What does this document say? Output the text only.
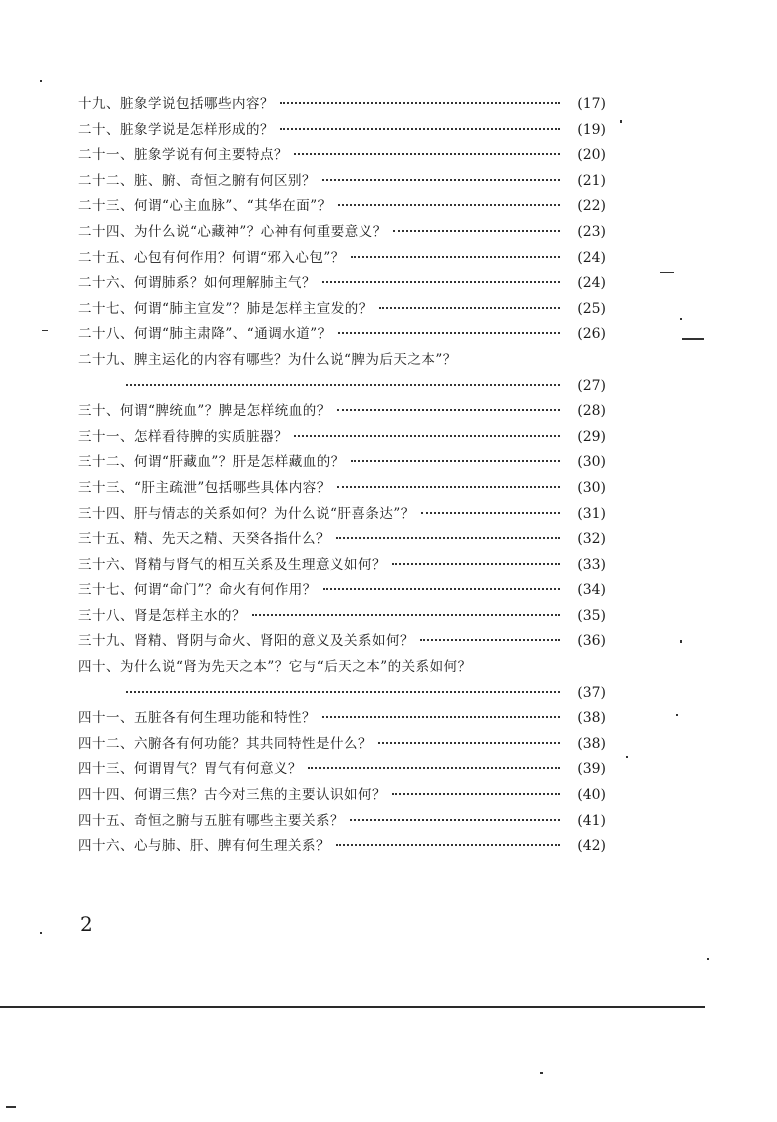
十九、脏象学说包括哪些内容？	(17)
二十、脏象学说是怎样形成的？	(19)
二十一、脏象学说有何主要特点？	(20)
二十二、脏、腑、奇恒之腑有何区别？	(21)
二十三、何谓“心主血脉”、“其华在面”？	(22)
二十四、为什么说“心藏神”？心神有何重要意义？	(23)
二十五、心包有何作用？何谓“邪入心包”？	(24)
二十六、何谓肺系？如何理解肺主气？	(24)
二十七、何谓“肺主宣发”？肺是怎样主宣发的？	(25)
二十八、何谓“肺主肃降”、“通调水道”？	(26)
二十九、脾主运化的内容有哪些？为什么说“脾为后天之本”？
(27)
三十、何谓“脾统血”？脾是怎样统血的？	(28)
三十一、怎样看待脾的实质脏器？	(29)
三十二、何谓“肝藏血”？肝是怎样藏血的？	(30)
三十三、“肝主疏泄”包括哪些具体内容？	(30)
三十四、肝与情志的关系如何？为什么说“肝喜条达”？	(31)
三十五、精、先天之精、天癸各指什么？	(32)
三十六、肾精与肾气的相互关系及生理意义如何？	(33)
三十七、何谓“命门”？命火有何作用？	(34)
三十八、肾是怎样主水的？	(35)
三十九、肾精、肾阴与命火、肾阳的意义及关系如何？	(36)
四十、为什么说“肾为先天之本”？它与“后天之本”的关系如何？
(37)
四十一、五脏各有何生理功能和特性？	(38)
四十二、六腑各有何功能？其共同特性是什么？	(38)
四十三、何谓胃气？胃气有何意义？	(39)
四十四、何谓三焦？古今对三焦的主要认识如何？	(40)
四十五、奇恒之腑与五脏有哪些主要关系？	(41)
四十六、心与肺、肝、脾有何生理关系？	(42)
2
